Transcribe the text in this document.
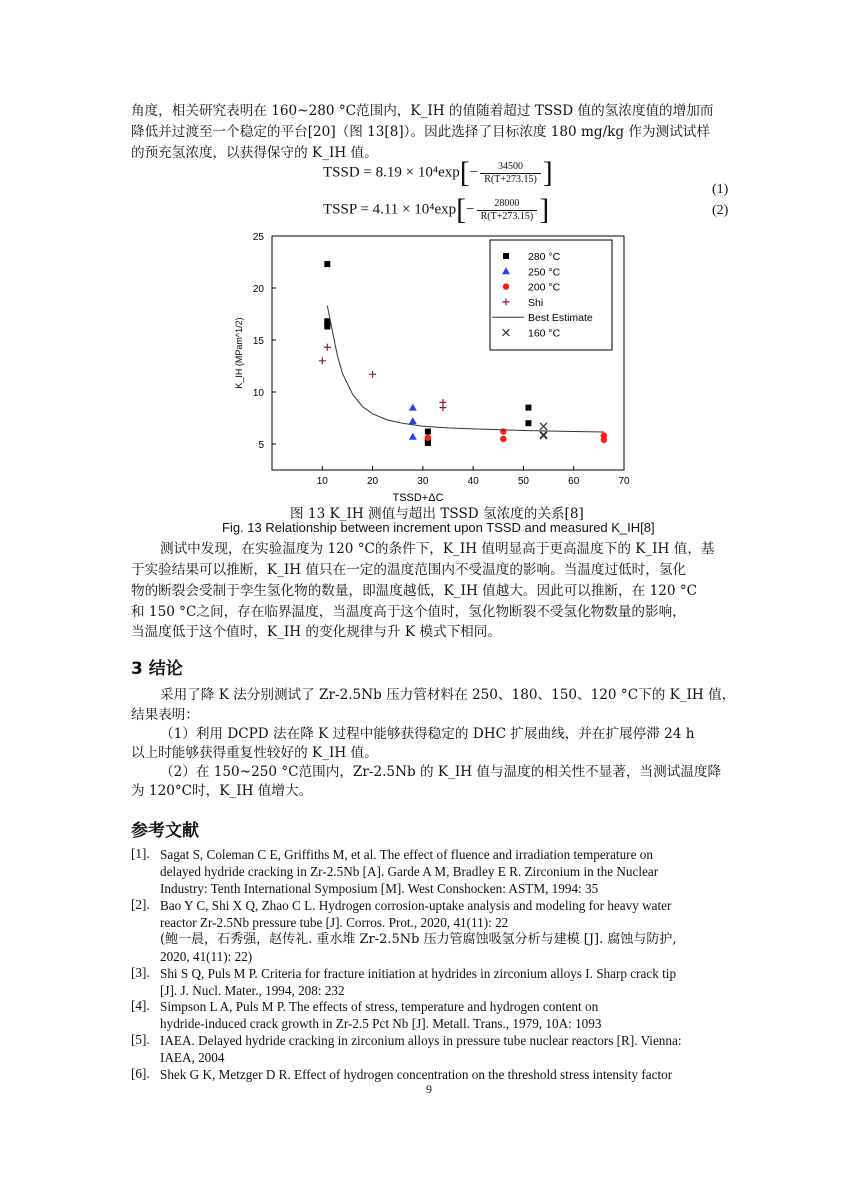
角度，相关研究表明在 160~280 °C范围内，K_IH 的值随着超过 TSSD 值的氢浓度值的增加而
降低并过渡至一个稳定的平台[20]（图 13[8]）。因此选择了目标浓度 180 mg/kg 作为测试试样
的预充氢浓度，以获得保守的 K_IH 值。
TSSD = $8.19 \times 10^4\exp[- \frac{34500}{R(T+273.15)}$ ]
(1)
TSSP = $4.11 \times 10^4\exp[- \frac{28000}{R(T+273.15)}$ ]	(2)
10	20	30	40	50	60	70
5
10
15
20
25
TSSD+ΔC
K_IH (MPam^1/2)
280 °C
250 °C
200 °C
Shi
Best Estimate
160 °C
图 13 K_IH 测值与超出 TSSD 氢浓度的关系[8]
Fig. 13 Relationship between increment upon TSSD and measured K_IH[8]
测试中发现，在实验温度为 120 °C的条件下，K_IH 值明显高于更高温度下的 K_IH 值，基
于实验结果可以推断，K_IH 值只在一定的温度范围内不受温度的影响。当温度过低时，氢化
物的断裂会受制于孪生氢化物的数量，即温度越低，K_IH 值越大。因此可以推断，在 120 °C
和 150 °C之间，存在临界温度，当温度高于这个值时，氢化物断裂不受氢化物数量的影响，
当温度低于这个值时，K_IH 的变化规律与升 K 模式下相同。
3 结论
采用了降 K 法分别测试了 Zr-2.5Nb 压力管材料在 250、180、150、120 °C下的 K_IH 值，
结果表明：
（1）利用 DCPD 法在降 K 过程中能够获得稳定的 DHC 扩展曲线，并在扩展停滞 24 h
以上时能够获得重复性较好的 K_IH 值。
（2）在 150~250 °C范围内，Zr-2.5Nb 的 K_IH 值与温度的相关性不显著，当测试温度降
为 120°C时，K_IH 值增大。
参考文献
[1]. Sagat S, Coleman C E, Griffiths M, et al. The effect of fluence and irradiation temperature on
delayed hydride cracking in Zr-2.5Nb [A]. Garde A M, Bradley E R. Zirconium in the Nuclear
Industry: Tenth International Symposium [M]. West Conshocken: ASTM, 1994: 35
[2]. Bao Y C, Shi X Q, Zhao C L. Hydrogen corrosion-uptake analysis and modeling for heavy water
reactor Zr-2.5Nb pressure tube [J]. Corros. Prot., 2020, 41(11): 22
(鲍一晨，石秀强，赵传礼. 重水堆 Zr-2.5Nb 压力管腐蚀吸氢分析与建模 [J]. 腐蚀与防护,
2020, 41(11): 22)
[3]. Shi S Q, Puls M P. Criteria for fracture initiation at hydrides in zirconium alloys I. Sharp crack tip
[J]. J. Nucl. Mater., 1994, 208: 232
[4]. Simpson L A, Puls M P. The effects of stress, temperature and hydrogen content on
hydride-induced crack growth in Zr-2.5 Pct Nb [J]. Metall. Trans., 1979, 10A: 1093
[5]. IAEA. Delayed hydride cracking in zirconium alloys in pressure tube nuclear reactors [R]. Vienna:
IAEA, 2004
[6]. Shek G K, Metzger D R. Effect of hydrogen concentration on the threshold stress intensity factor
9
